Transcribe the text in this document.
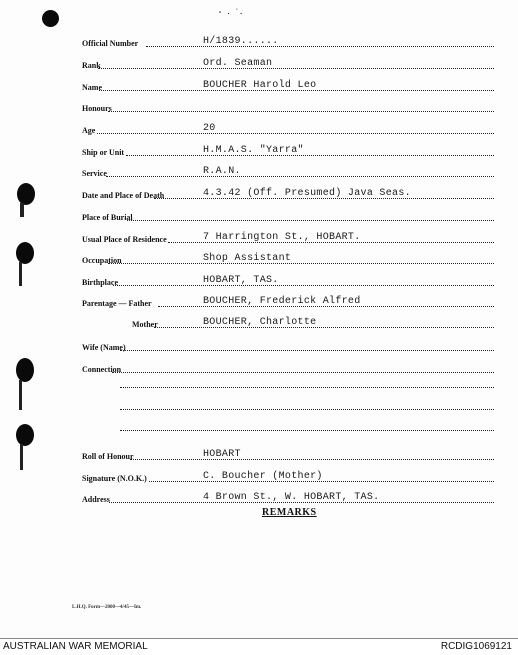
- . ˙.
Official Number	H/1839......
Rank	Ord. Seaman
Name	BOUCHER Harold Leo
Honours
Age	20
Ship or Unit	H.M.A.S. "Yarra"
Service	R.A.N.
Date and Place of Death	4.3.42 (Off. Presumed) Java Seas.
Place of Burial
Usual Place of Residence	7 Harrington St., HOBART.
Occupation	Shop Assistant
Birthplace	HOBART, TAS.
Parentage — Father	BOUCHER, Frederick Alfred
Mother	BOUCHER, Charlotte
Wife (Name)
Connection
Roll of Honour	HOBART
Signature (N.O.K.)	C. Boucher (Mother)
Address	4 Brown St., W. HOBART, TAS.
REMARKS
L.H.Q. Form—2000—4/45—Im.
AUSTRALIAN WAR MEMORIAL	RCDIG1069121
